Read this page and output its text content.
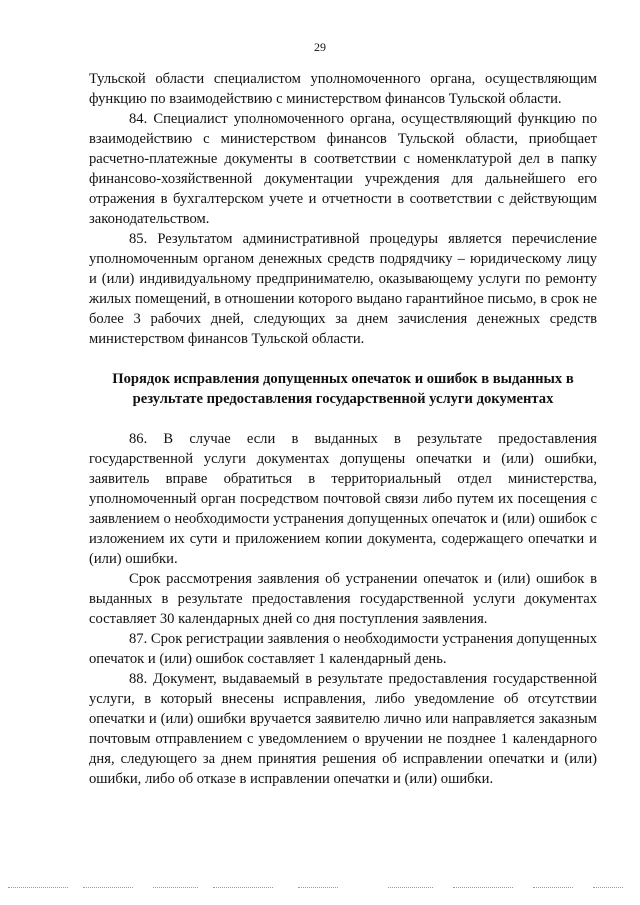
29

Тульской области специалистом уполномоченного органа, осуществляющим функцию по взаимодействию с министерством финансов Тульской области.

84. Специалист уполномоченного органа, осуществляющий функцию по взаимодействию с министерством финансов Тульской области, приобщает расчетно-платежные документы в соответствии с номенклатурой дел в папку финансово-хозяйственной документации учреждения для дальнейшего его отражения в бухгалтерском учете и отчетности в соответствии с действующим законодательством.

85. Результатом административной процедуры является перечисление уполномоченным органом денежных средств подрядчику – юридическому лицу и (или) индивидуальному предпринимателю, оказывающему услуги по ремонту жилых помещений, в отношении которого выдано гарантийное письмо, в срок не более 3 рабочих дней, следующих за днем зачисления денежных средств министерством финансов Тульской области.

Порядок исправления допущенных опечаток и ошибок в выданных в результате предоставления государственной услуги документах

86. В случае если в выданных в результате предоставления государственной услуги документах допущены опечатки и (или) ошибки, заявитель вправе обратиться в территориальный отдел министерства, уполномоченный орган посредством почтовой связи либо путем их посещения с заявлением о необходимости устранения допущенных опечаток и (или) ошибок с изложением их сути и приложением копии документа, содержащего опечатки и (или) ошибки.

Срок рассмотрения заявления об устранении опечаток и (или) ошибок в выданных в результате предоставления государственной услуги документах составляет 30 календарных дней со дня поступления заявления.

87. Срок регистрации заявления о необходимости устранения допущенных опечаток и (или) ошибок составляет 1 календарный день.

88. Документ, выдаваемый в результате предоставления государственной услуги, в который внесены исправления, либо уведомление об отсутствии опечатки и (или) ошибки вручается заявителю лично или направляется заказным почтовым отправлением с уведомлением о вручении не позднее 1 календарного дня, следующего за днем принятия решения об исправлении опечатки и (или) ошибки, либо об отказе в исправлении опечатки и (или) ошибки.
